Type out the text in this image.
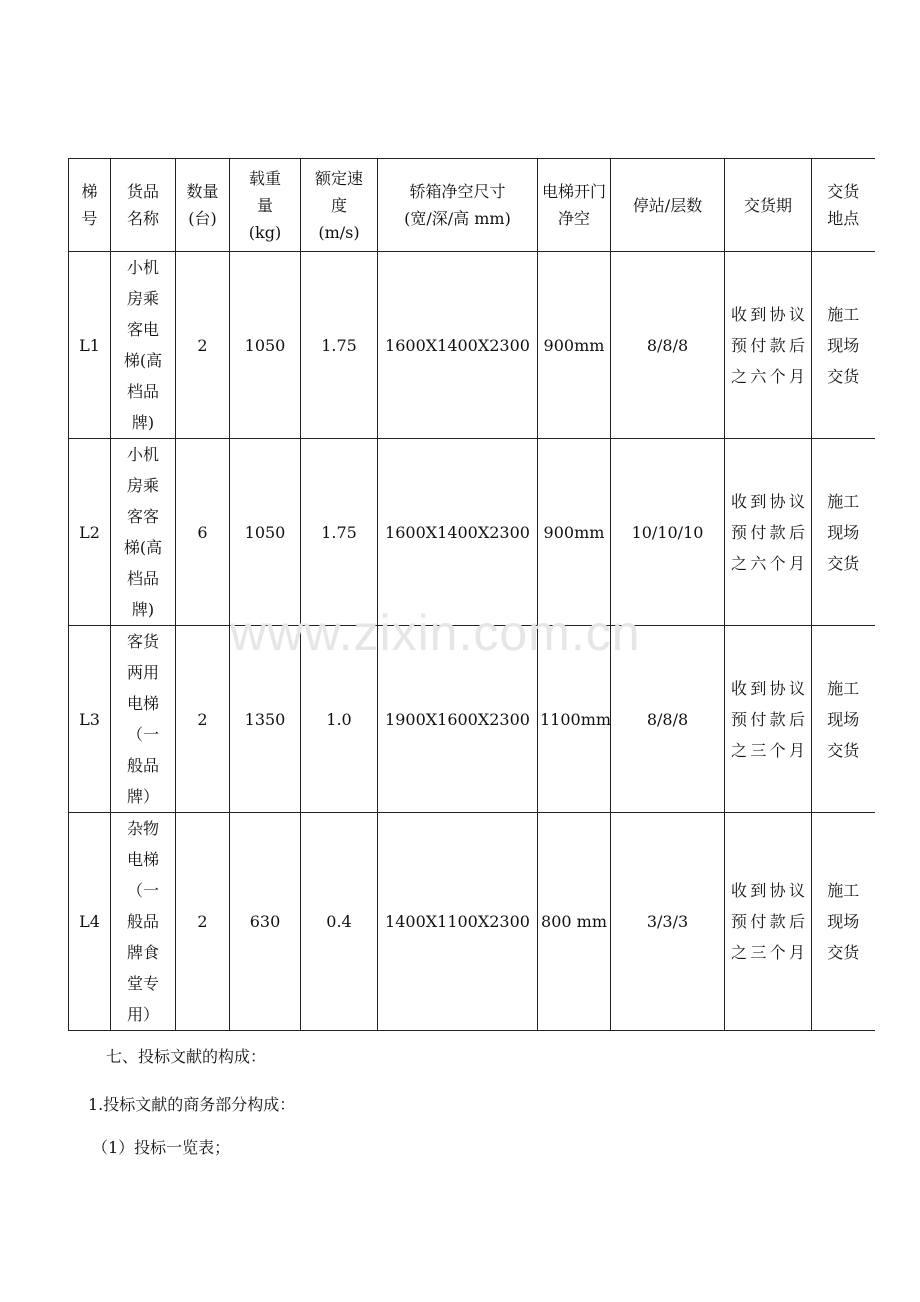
梯号	货品名称	数量(台)	载重量(kg)	额定速度(m/s)	轿箱净空尺寸(宽/深/高 mm)	电梯开门净空	停站/层数	交货期	交货地点
L1	小机房乘客电梯(高档品牌)	2	1050	1.75	1600X1400X2300	900mm	8/8/8	收到协议预付款后之六个月	施工现场交货
L2	小机房乘客客梯(高档品牌)	6	1050	1.75	1600X1400X2300	900mm	10/10/10	收到协议预付款后之六个月	施工现场交货
L3	客货两用电梯（一般品牌）	2	1350	1.0	1900X1600X2300	1100mm	8/8/8	收到协议预付款后之三个月	施工现场交货
L4	杂物电梯（一般品牌食堂专用）	2	630	0.4	1400X1100X2300	800 mm	3/3/3	收到协议预付款后之三个月	施工现场交货
www.zixin.com.cn
七、投标文献的构成：
1.投标文献的商务部分构成：
（1）投标一览表；
